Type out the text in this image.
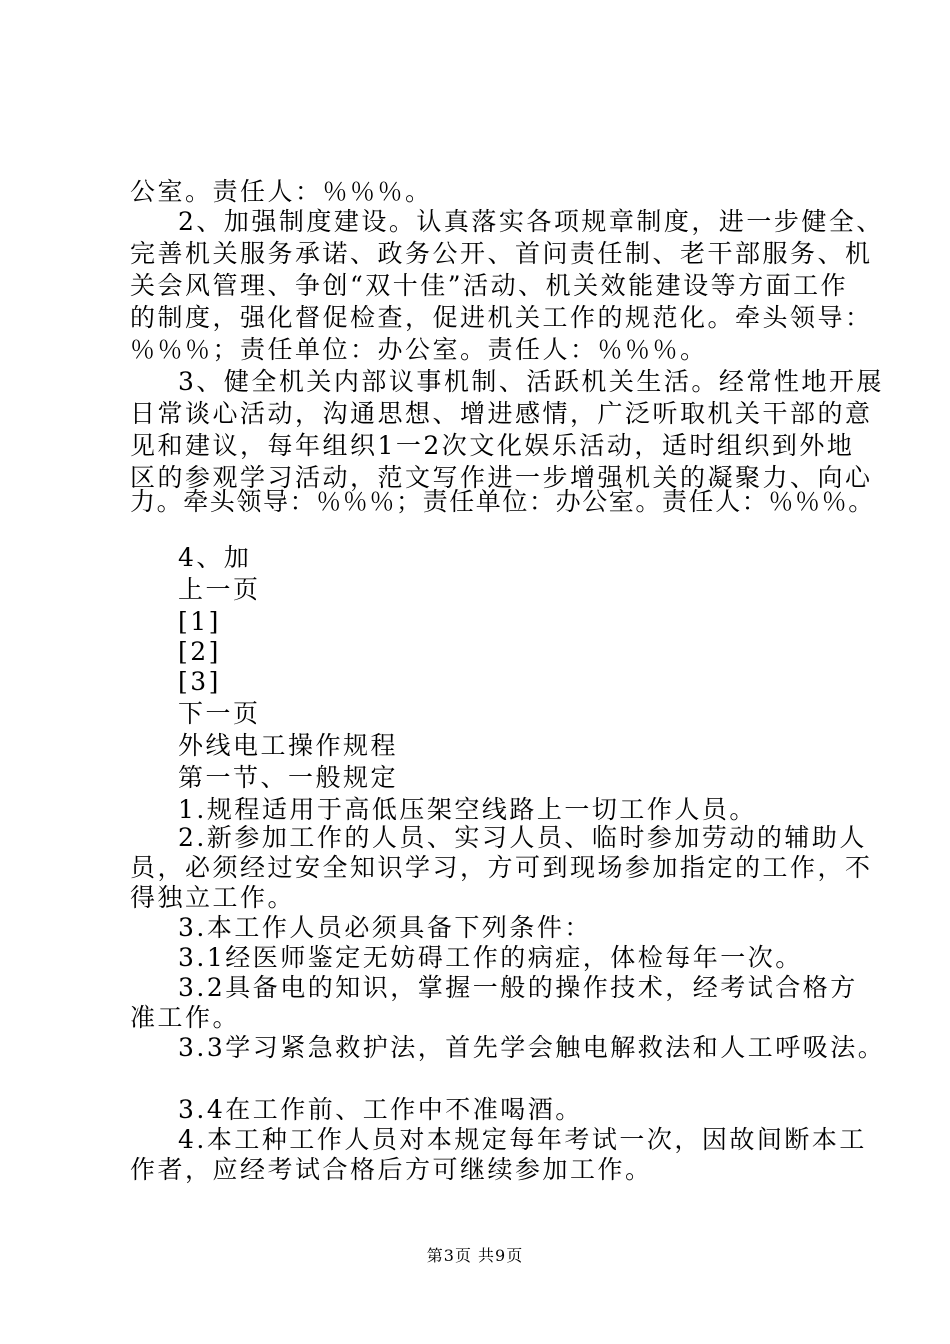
公室。责任人：％％％。
2、加强制度建设。认真落实各项规章制度，进一步健全、
完善机关服务承诺、政务公开、首问责任制、老干部服务、机
关会风管理、争创“双十佳”活动、机关效能建设等方面工作
的制度，强化督促检查，促进机关工作的规范化。牵头领导：
％％％；责任单位：办公室。责任人：％％％。
3、健全机关内部议事机制、活跃机关生活。经常性地开展
日常谈心活动，沟通思想、增进感情，广泛听取机关干部的意
见和建议，每年组织1一2次文化娱乐活动，适时组织到外地
区的参观学习活动，范文写作进一步增强机关的凝聚力、向心
力。牵头领导：％％％；责任单位：办公室。责任人：％％％。
4、加
上一页
[1]
[2]
[3]
下一页
外线电工操作规程
第一节、一般规定
1.规程适用于高低压架空线路上一切工作人员。
2.新参加工作的人员、实习人员、临时参加劳动的辅助人
员，必须经过安全知识学习，方可到现场参加指定的工作，不
得独立工作。
3.本工作人员必须具备下列条件：
3.1经医师鉴定无妨碍工作的病症，体检每年一次。
3.2具备电的知识，掌握一般的操作技术，经考试合格方
准工作。
3.3学习紧急救护法，首先学会触电解救法和人工呼吸法。
3.4在工作前、工作中不准喝酒。
4.本工种工作人员对本规定每年考试一次，因故间断本工
作者，应经考试合格后方可继续参加工作。
第3页 共9页
